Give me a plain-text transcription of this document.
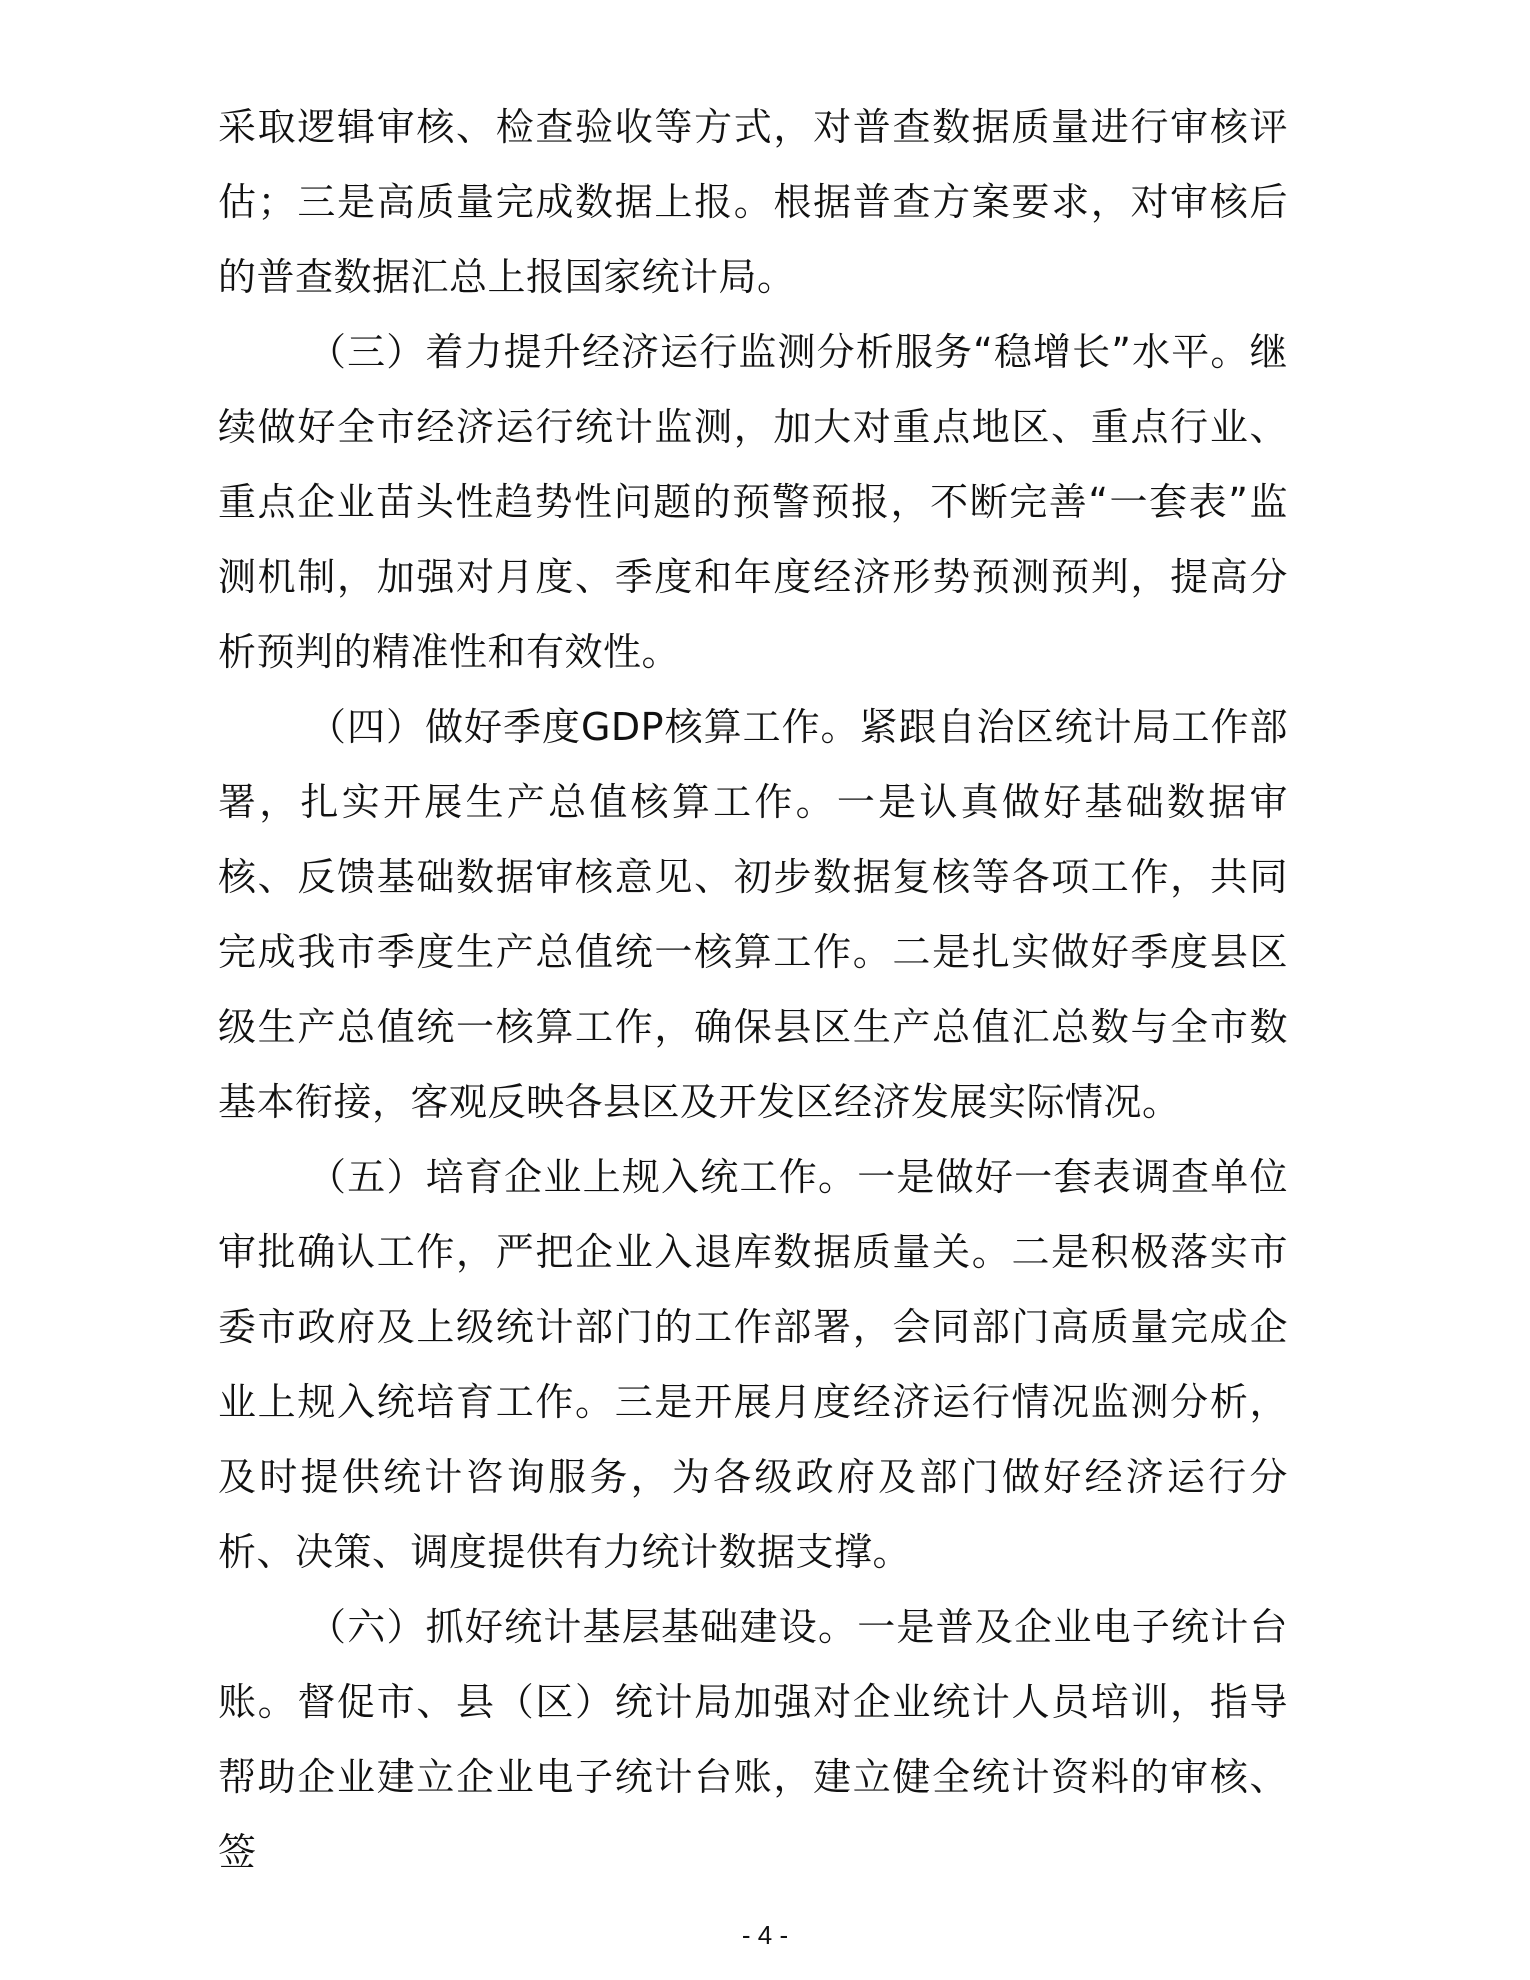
采取逻辑审核、检查验收等方式，对普查数据质量进行审核评估；三是高质量完成数据上报。根据普查方案要求，对审核后的普查数据汇总上报国家统计局。

（三）着力提升经济运行监测分析服务“稳增长”水平。继续做好全市经济运行统计监测，加大对重点地区、重点行业、重点企业苗头性趋势性问题的预警预报，不断完善“一套表”监测机制，加强对月度、季度和年度经济形势预测预判，提高分析预判的精准性和有效性。

（四）做好季度GDP核算工作。紧跟自治区统计局工作部署，扎实开展生产总值核算工作。一是认真做好基础数据审核、反馈基础数据审核意见、初步数据复核等各项工作，共同完成我市季度生产总值统一核算工作。二是扎实做好季度县区级生产总值统一核算工作，确保县区生产总值汇总数与全市数基本衔接，客观反映各县区及开发区经济发展实际情况。

（五）培育企业上规入统工作。一是做好一套表调查单位审批确认工作，严把企业入退库数据质量关。二是积极落实市委市政府及上级统计部门的工作部署，会同部门高质量完成企业上规入统培育工作。三是开展月度经济运行情况监测分析，及时提供统计咨询服务，为各级政府及部门做好经济运行分析、决策、调度提供有力统计数据支撑。

（六）抓好统计基层基础建设。一是普及企业电子统计台账。督促市、县（区）统计局加强对企业统计人员培训，指导帮助企业建立企业电子统计台账，建立健全统计资料的审核、签

- 4 -
